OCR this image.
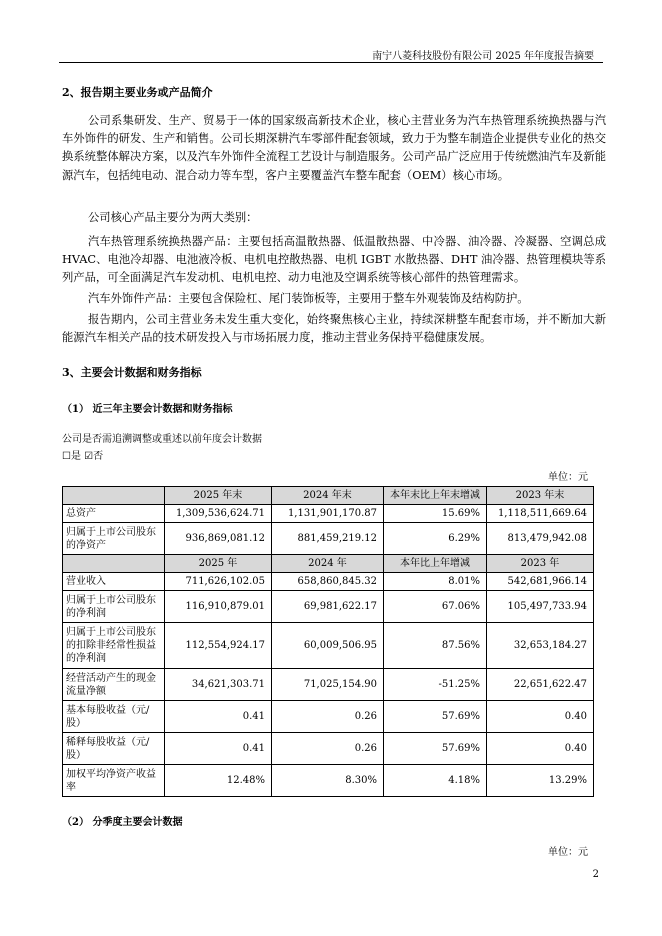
南宁八菱科技股份有限公司 2025 年年度报告摘要
2、报告期主要业务或产品简介
公司系集研发、生产、贸易于一体的国家级高新技术企业，核心主营业务为汽车热管理系统换热器与汽车外饰件的研发、生产和销售。公司长期深耕汽车零部件配套领域，致力于为整车制造企业提供专业化的热交换系统整体解决方案，以及汽车外饰件全流程工艺设计与制造服务。公司产品广泛应用于传统燃油汽车及新能源汽车，包括纯电动、混合动力等车型，客户主要覆盖汽车整车配套（OEM）核心市场。
公司核心产品主要分为两大类别：
汽车热管理系统换热器产品：主要包括高温散热器、低温散热器、中冷器、油冷器、冷凝器、空调总成 HVAC、电池冷却器、电池液冷板、电机电控散热器、电机 IGBT 水散热器、DHT 油冷器、热管理模块等系列产品，可全面满足汽车发动机、电机电控、动力电池及空调系统等核心部件的热管理需求。
汽车外饰件产品：主要包含保险杠、尾门装饰板等，主要用于整车外观装饰及结构防护。
报告期内，公司主营业务未发生重大变化，始终聚焦核心主业，持续深耕整车配套市场，并不断加大新能源汽车相关产品的技术研发投入与市场拓展力度，推动主营业务保持平稳健康发展。
3、主要会计数据和财务指标
（1） 近三年主要会计数据和财务指标
公司是否需追溯调整或重述以前年度会计数据
☐是 ☑否
单位：元
	2025 年末	2024 年末	本年末比上年末增减	2023 年末
总资产	1,309,536,624.71	1,131,901,170.87	15.69%	1,118,511,669.64
归属于上市公司股东的净资产	936,869,081.12	881,459,219.12	6.29%	813,479,942.08
	2025 年	2024 年	本年比上年增减	2023 年
营业收入	711,626,102.05	658,860,845.32	8.01%	542,681,966.14
归属于上市公司股东的净利润	116,910,879.01	69,981,622.17	67.06%	105,497,733.94
归属于上市公司股东的扣除非经常性损益的净利润	112,554,924.17	60,009,506.95	87.56%	32,653,184.27
经营活动产生的现金流量净额	34,621,303.71	71,025,154.90	-51.25%	22,651,622.47
基本每股收益（元/股）	0.41	0.26	57.69%	0.40
稀释每股收益（元/股）	0.41	0.26	57.69%	0.40
加权平均净资产收益率	12.48%	8.30%	4.18%	13.29%
（2） 分季度主要会计数据
单位：元
2
